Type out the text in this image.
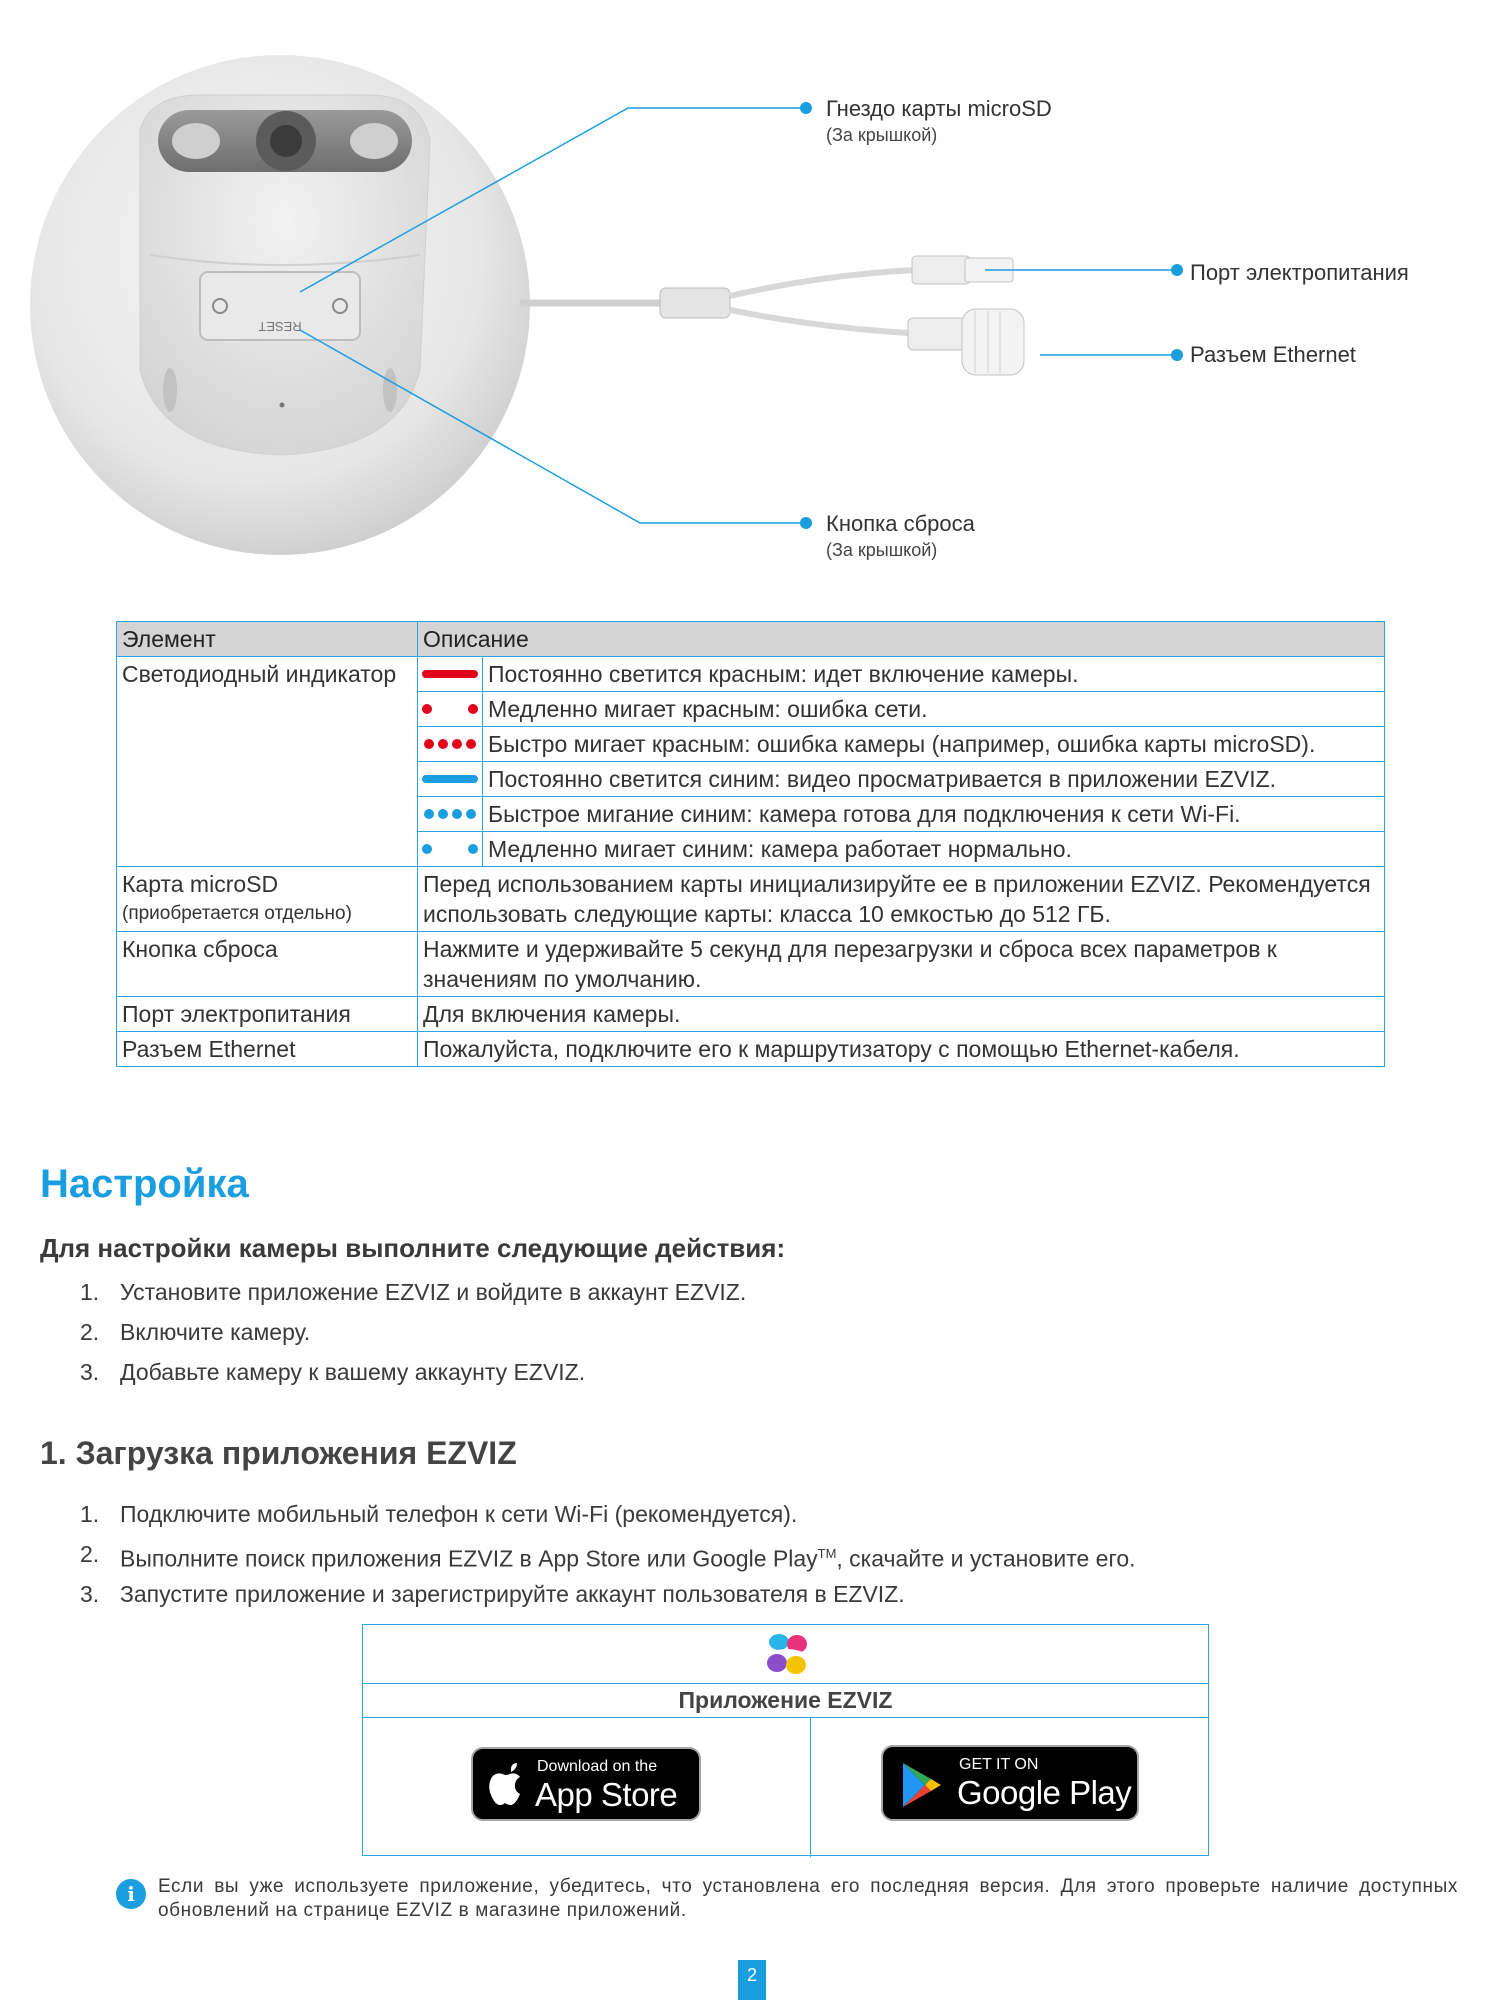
RESET
Гнездо карты microSD
(За крышкой)
Порт электропитания
Разъем Ethernet
Кнопка сброса
(За крышкой)
Элемент	Описание	
Светодиодный индикатор		Постоянно светится красным: идет включение камеры.

		Медленно мигает красным: ошибка сети.

		Быстро мигает красным: ошибка камеры (например, ошибка карты microSD).

		Постоянно светится синим: видео просматривается в приложении EZVIZ.

		Быстрое мигание синим: камера готова для подключения к сети Wi-Fi.

		Медленно мигает синим: камера работает нормально.

Карта microSD
(приобретается отдельно)	Перед использованием карты инициализируйте ее в приложении EZVIZ. Рекомендуется использовать следующие карты: класса 10 емкостью до 512 ГБ.	
Кнопка сброса	Нажмите и удерживайте 5 секунд для перезагрузки и сброса всех параметров к значениям по умолчанию.	
Порт электропитания	Для включения камеры.	
Разъем Ethernet	Пожалуйста, подключите его к маршрутизатору с помощью Ethernet-кабеля.	
Настройка
Для настройки камеры выполните следующие действия:
1. Установите приложение EZVIZ и войдите в аккаунт EZVIZ.
2. Включите камеру.
3. Добавьте камеру к вашему аккаунту EZVIZ.
1. Загрузка приложения EZVIZ
1. Подключите мобильный телефон к сети Wi-Fi (рекомендуется).
2. Выполните поиск приложения EZVIZ в App Store или Google Play™, скачайте и установите его.
3. Запустите приложение и зарегистрируйте аккаунт пользователя в EZVIZ.
Приложение EZVIZ
Download on the
App Store
GET IT ON
Google Play
i	Если вы уже используете приложение, убедитесь, что установлена его последняя версия. Для этого проверьте наличие доступных обновлений на странице EZVIZ в магазине приложений.
2
